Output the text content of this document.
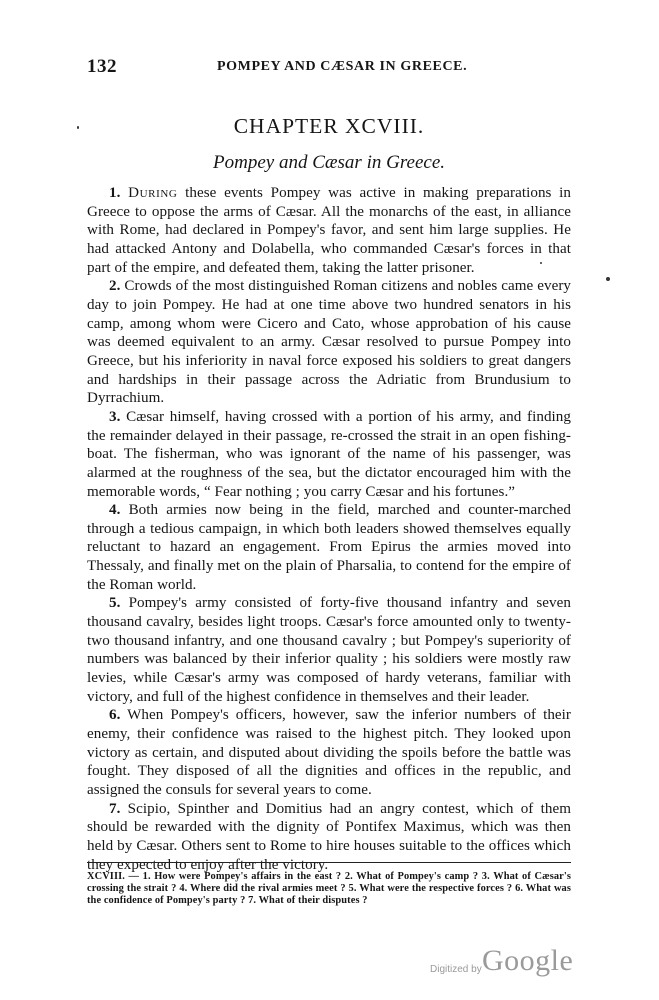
132	POMPEY AND CÆSAR IN GREECE.
CHAPTER XCVIII.
Pompey and Cæsar in Greece.

1. During these events Pompey was active in making preparations in Greece to oppose the arms of Cæsar. All the monarchs of the east, in alliance with Rome, had declared in Pompey's favor, and sent him large supplies. He had attacked Antony and Dolabella, who commanded Cæsar's forces in that part of the empire, and defeated them, taking the latter prisoner.

2. Crowds of the most distinguished Roman citizens and nobles came every day to join Pompey. He had at one time above two hundred senators in his camp, among whom were Cicero and Cato, whose approbation of his cause was deemed equivalent to an army. Cæsar resolved to pursue Pompey into Greece, but his inferiority in naval force exposed his soldiers to great dangers and hardships in their passage across the Adriatic from Brundusium to Dyrrachium.

3. Cæsar himself, having crossed with a portion of his army, and finding the remainder delayed in their passage, re-crossed the strait in an open fishing-boat. The fisherman, who was ignorant of the name of his passenger, was alarmed at the roughness of the sea, but the dictator encouraged him with the memorable words, “ Fear nothing ; you carry Cæsar and his fortunes.”

4. Both armies now being in the field, marched and counter-marched through a tedious campaign, in which both leaders showed themselves equally reluctant to hazard an engagement. From Epirus the armies moved into Thessaly, and finally met on the plain of Pharsalia, to contend for the empire of the Roman world.

5. Pompey's army consisted of forty-five thousand infantry and seven thousand cavalry, besides light troops. Cæsar's force amounted only to twenty-two thousand infantry, and one thousand cavalry ; but Pompey's superiority of numbers was balanced by their inferior quality ; his soldiers were mostly raw levies, while Cæsar's army was composed of hardy veterans, familiar with victory, and full of the highest confidence in themselves and their leader.

6. When Pompey's officers, however, saw the inferior numbers of their enemy, their confidence was raised to the highest pitch. They looked upon victory as certain, and disputed about dividing the spoils before the battle was fought. They disposed of all the dignities and offices in the republic, and assigned the consuls for several years to come.

7. Scipio, Spinther and Domitius had an angry contest, which of them should be rewarded with the dignity of Pontifex Maximus, which was then held by Cæsar. Others sent to Rome to hire houses suitable to the offices which they expected to enjoy after the victory.

XCVIII. — 1. How were Pompey's affairs in the east ? 2. What of Pompey's camp ? 3. What of Cæsar's crossing the strait ? 4. Where did the rival armies meet ? 5. What were the respective forces ? 6. What was the confidence of Pompey's party ? 7. What of their disputes ?

Digitized by Google
